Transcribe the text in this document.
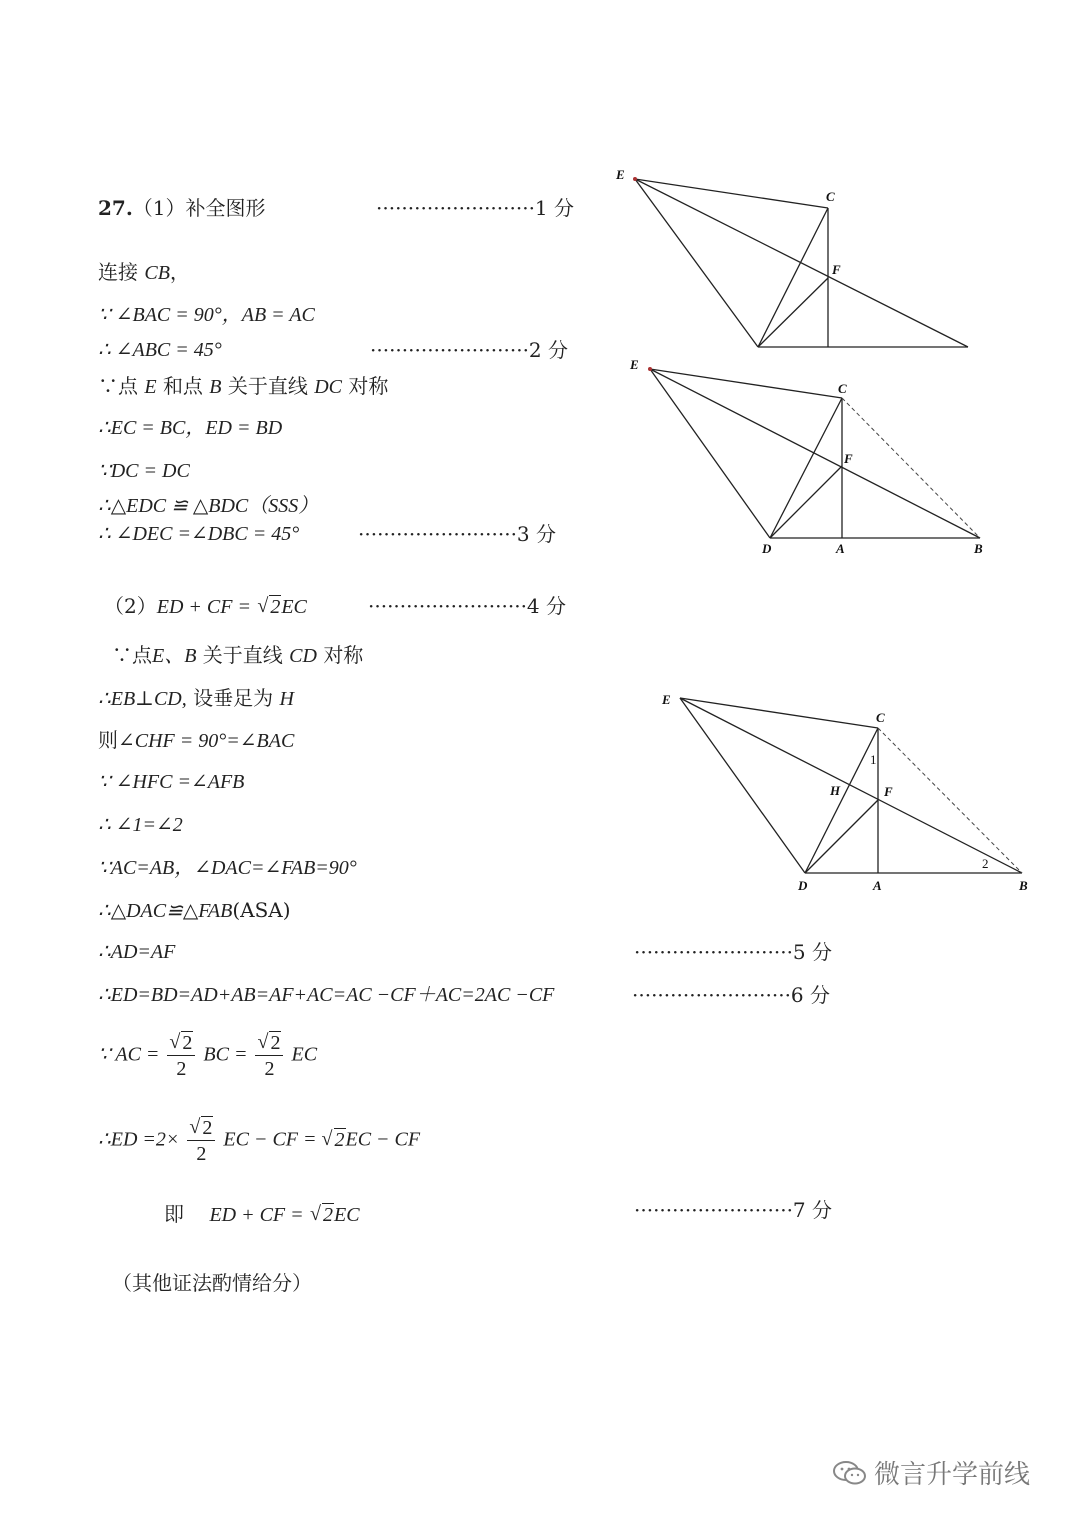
27.（1）补全图形	·························1 分
连接 CB，
∵ ∠BAC = 90°，AB = AC
∴ ∠ABC = 45°	·························2 分
∵点 E 和点 B 关于直线 DC 对称
∴EC = BC，ED = BD
∵DC = DC
∴△EDC ≌ △BDC（SSS）
∴ ∠DEC =∠DBC = 45°	·························3 分
（2）ED + CF = √ 2EC	·························4 分
∵点E、B 关于直线 CD 对称
∴EB⊥CD, 设垂足为 H
则∠CHF = 90°=∠BAC
∵ ∠HFC =∠AFB
∴ ∠1=∠2
∵AC=AB，∠DAC=∠FAB=90°
∴△DAC≌△FAB(ASA)
∴AD=AF	·························5 分
∴ED=BD=AD+AB=AF+AC=AC −CF＋AC=2AC −CF	·························6 分
∵ AC = √ $\frac{2}{2}$ BC = √ $\frac{2}{2}$ EC
∴ED =2× √ $\frac{2}{2}$ EC − CF = √ 2EC − CF
即 ED + CF = √ 2EC	·························7 分
（其他证法酌情给分）
E
C
F
E
C
F
D	A	B
E
C
F
H
D	A	B
1
2
微言升学前线
